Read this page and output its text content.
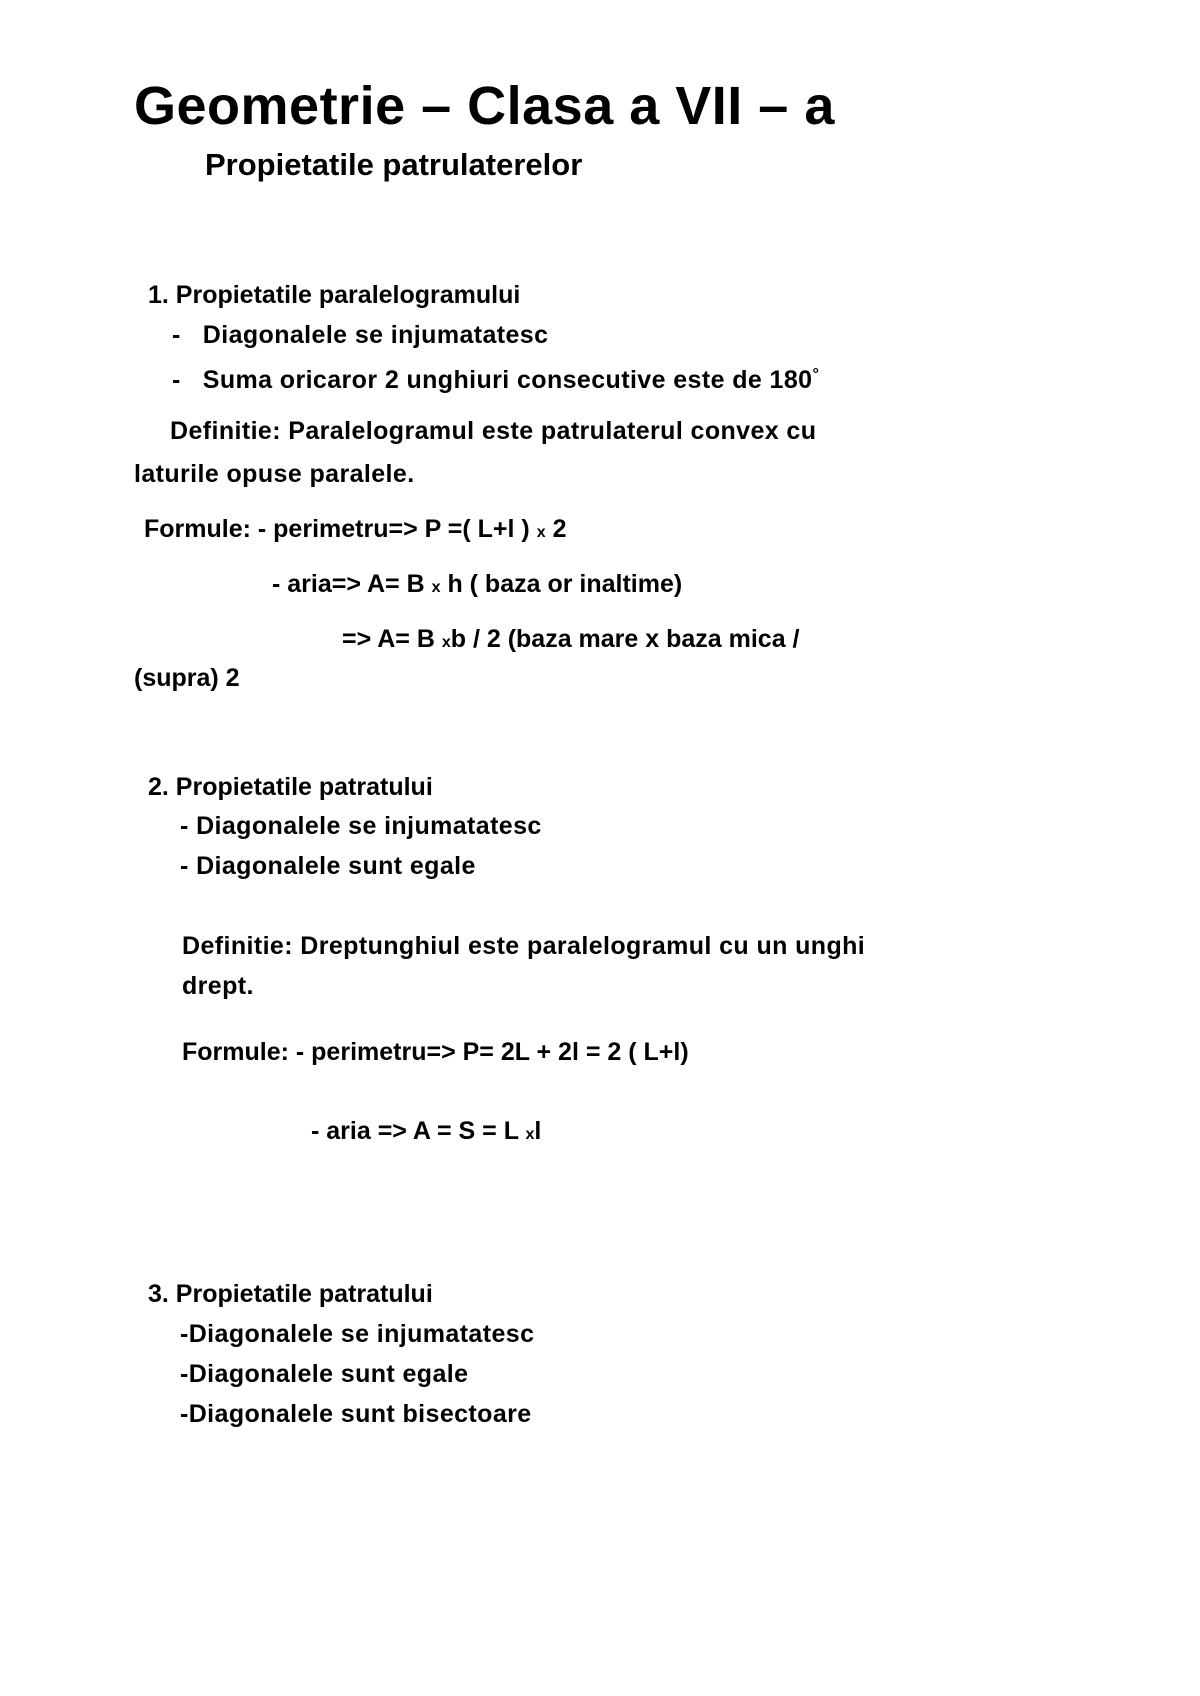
Geometrie – Clasa a VII – a
Propietatile patrulaterelor
1. Propietatile paralelogramului
-   Diagonalele se injumatatesc
-   Suma oricaror 2 unghiuri consecutive este de 180°
Definitie: Paralelogramul este patrulaterul convex cu
laturile opuse paralele.
Formule: - perimetru=> P =( L+l ) x 2
- aria=> A= B x h ( baza or inaltime)
=> A= B xb / 2 (baza mare x baza mica /
(supra) 2
2. Propietatile patratului
- Diagonalele se injumatatesc
- Diagonalele sunt egale
Definitie: Dreptunghiul este paralelogramul cu un unghi
drept.
Formule: - perimetru=> P= 2L + 2l = 2 ( L+l)
- aria => A = S = L xl
3. Propietatile patratului
-Diagonalele se injumatatesc
-Diagonalele sunt egale
-Diagonalele sunt bisectoare
